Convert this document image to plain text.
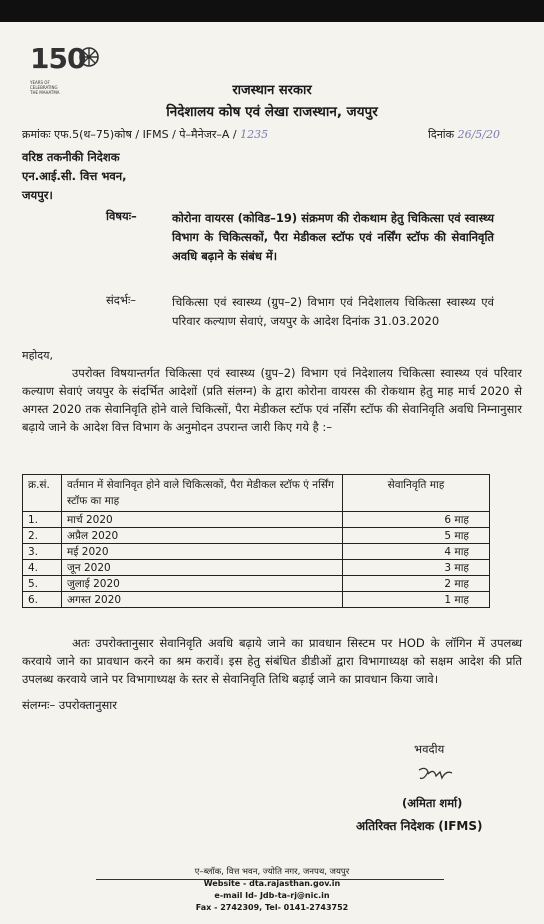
150
YEARS OF
CELEBRATING
THE MAHATMA	राजस्थान सरकार
निदेशालय कोष एवं लेखा राजस्थान, जयपुर
क्रमांकः एफ.5(थ–75)कोष / IFMS / पे–मैनेजर–A / 1235	दिनांक 26/5/20
वरिष्ठ तकनीकी निदेशक
एन.आई.सी. वित्त भवन,
जयपुर।
विषयः–	कोरोना वायरस (कोविड–19) संक्रमण की रोकथाम हेतु चिकित्सा एवं स्वास्थ्य विभाग के चिकित्सकों, पैरा मेडीकल स्टॉफ एवं नर्सिंग स्टॉफ की सेवानिवृति अवधि बढ़ाने के संबंध में।
संदर्भः–	चिकित्सा एवं स्वास्थ्य (ग्रुप–2) विभाग एवं निदेशालय चिकित्सा स्वास्थ्य एवं परिवार कल्याण सेवाएं, जयपुर के आदेश दिनांक 31.03.2020
महोदय,
उपरोक्त विषयान्तर्गत चिकित्सा एवं स्वास्थ्य (ग्रुप–2) विभाग एवं निदेशालय चिकित्सा स्वास्थ्य एवं परिवार कल्याण सेवाएं जयपुर के संदर्भित आदेशों (प्रति संलग्न) के द्वारा कोरोना वायरस की रोकथाम हेतु माह मार्च 2020 से अगस्त 2020 तक सेवानिवृति होने वाले चिकित्सों, पैरा मेडीकल स्टॉफ एवं नर्सिंग स्टॉफ की सेवानिवृति अवधि निम्नानुसार बढ़ाये जाने के आदेश वित्त विभाग के अनुमोदन उपरान्त जारी किए गये है :–
क्र.सं.	वर्तमान में सेवानिवृत होने वाले चिकित्सकों, पैरा मेडीकल स्टॉफ एं नर्सिंग स्टॉफ का माह	सेवानिवृति माह
1.	मार्च 2020	6 माह
2.	अप्रैल 2020	5 माह
3.	मई 2020	4 माह
4.	जून 2020	3 माह
5.	जुलाई 2020	2 माह
6.	अगस्त 2020	1 माह
अतः उपरोक्तानुसार सेवानिवृति अवधि बढ़ाये जाने का प्रावधान सिस्टम पर HOD के लॉगिन में उपलब्ध करवाये जाने का प्रावधान करने का श्रम करावें। इस हेतु संबंधित डीडीओं द्वारा विभागाध्यक्ष को सक्षम आदेश की प्रति उपलब्ध करवाये जाने पर विभागाध्यक्ष के स्तर से सेवानिवृति तिथि बढ़ाई जाने का प्रावधान किया जावे।
संलग्नः– उपरोक्तानुसार
भवदीय
(अमिता शर्मा)
अतिरिक्त निदेशक (IFMS)
ए–ब्लॉक, वित्त भवन, ज्योति नगर, जनपथ, जयपुर
Website - dta.rajasthan.gov.in
e-mail Id- Jdb-ta-rj@nic.in
Fax - 2742309, Tel- 0141-2743752
